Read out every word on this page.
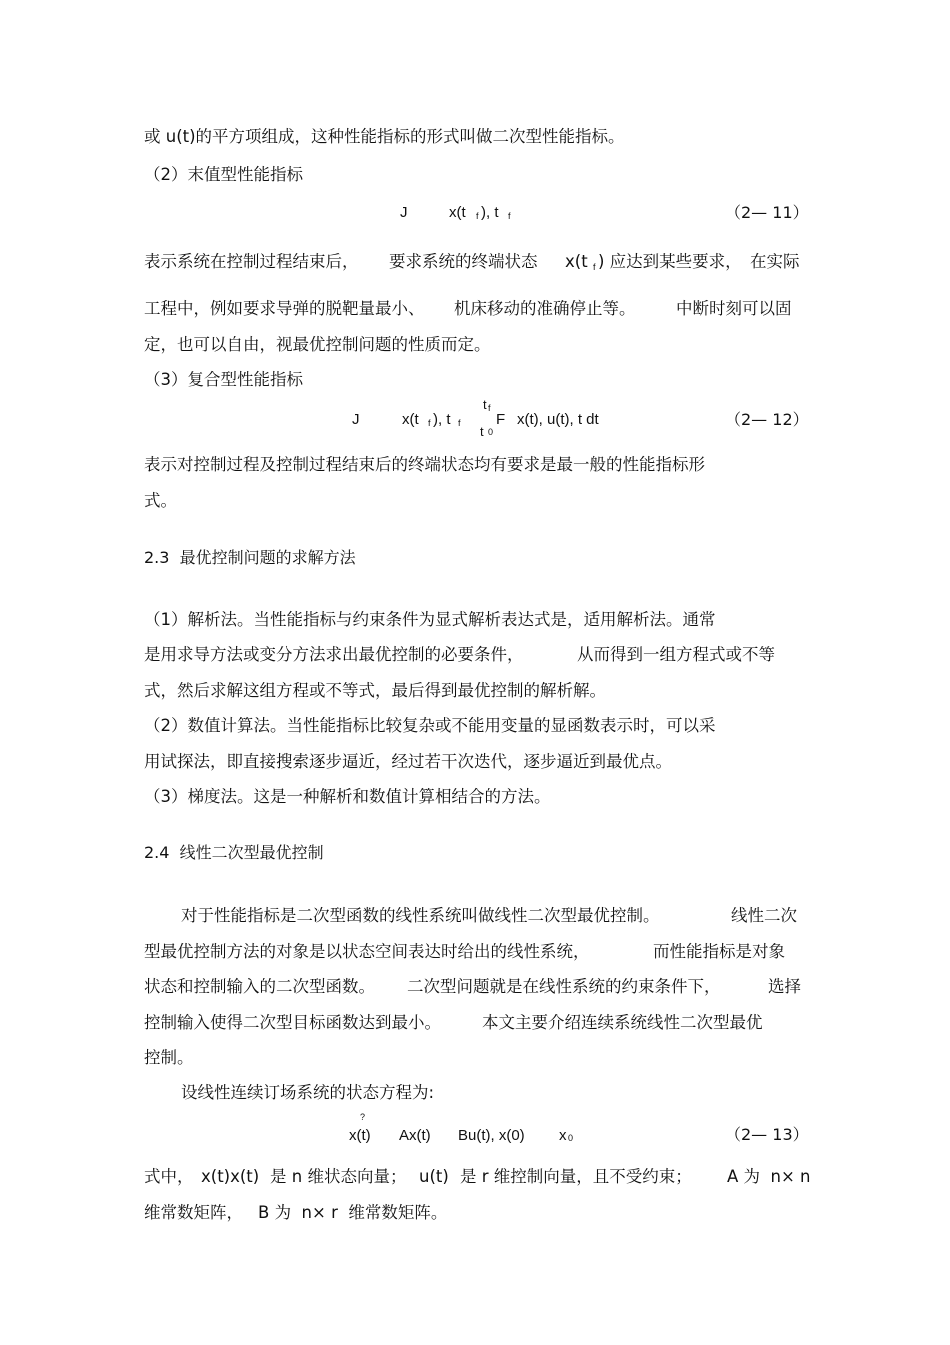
或 u(t)的平方项组成，这种性能指标的形式叫做二次型性能指标。
（2）末值型性能指标
J	x(t f ), t f	（2— 11）
表示系统在控制过程结束后， 要求系统的终端状态 x(t f ) 应达到某些要求， 在实际
工程中，例如要求导弹的脱靶量最小、 机床移动的准确停止等。 中断时刻可以固
定，也可以自由，视最优控制问题的性质而定。
（3）复合型性能指标
J	x(t f ), t f
t f
t 0
F x(t), u(t), t dt	（2— 12）
表示对控制过程及控制过程结束后的终端状态均有要求是最一般的性能指标形
式。
2.3  最优控制问题的求解方法
（1）解析法。当性能指标与约束条件为显式解析表达式是，适用解析法。通常
是用求导方法或变分方法求出最优控制的必要条件，	从而得到一组方程式或不等
式，然后求解这组方程或不等式，最后得到最优控制的解析解。
（2）数值计算法。当性能指标比较复杂或不能用变量的显函数表示时，可以采
用试探法，即直接搜索逐步逼近，经过若干次迭代，逐步逼近到最优点。
（3）梯度法。这是一种解析和数值计算相结合的方法。
2.4  线性二次型最优控制
对于性能指标是二次型函数的线性系统叫做线性二次型最优控制。	线性二次
型最优控制方法的对象是以状态空间表达时给出的线性系统，	而性能指标是对象
状态和控制输入的二次型函数。 二次型问题就是在线性系统的约束条件下，	选择
控制输入使得二次型目标函数达到最小。 本文主要介绍连续系统线性二次型最优
控制。
设线性连续订场系统的状态方程为:
?
x(t) Ax(t) Bu(t), x(0) x 0	（2— 13）
式中， x(t)x(t) 是 n 维状态向量； u(t) 是 r 维控制向量，且不受约束； A 为  n× n
维常数矩阵， B 为  n× r  维常数矩阵。
